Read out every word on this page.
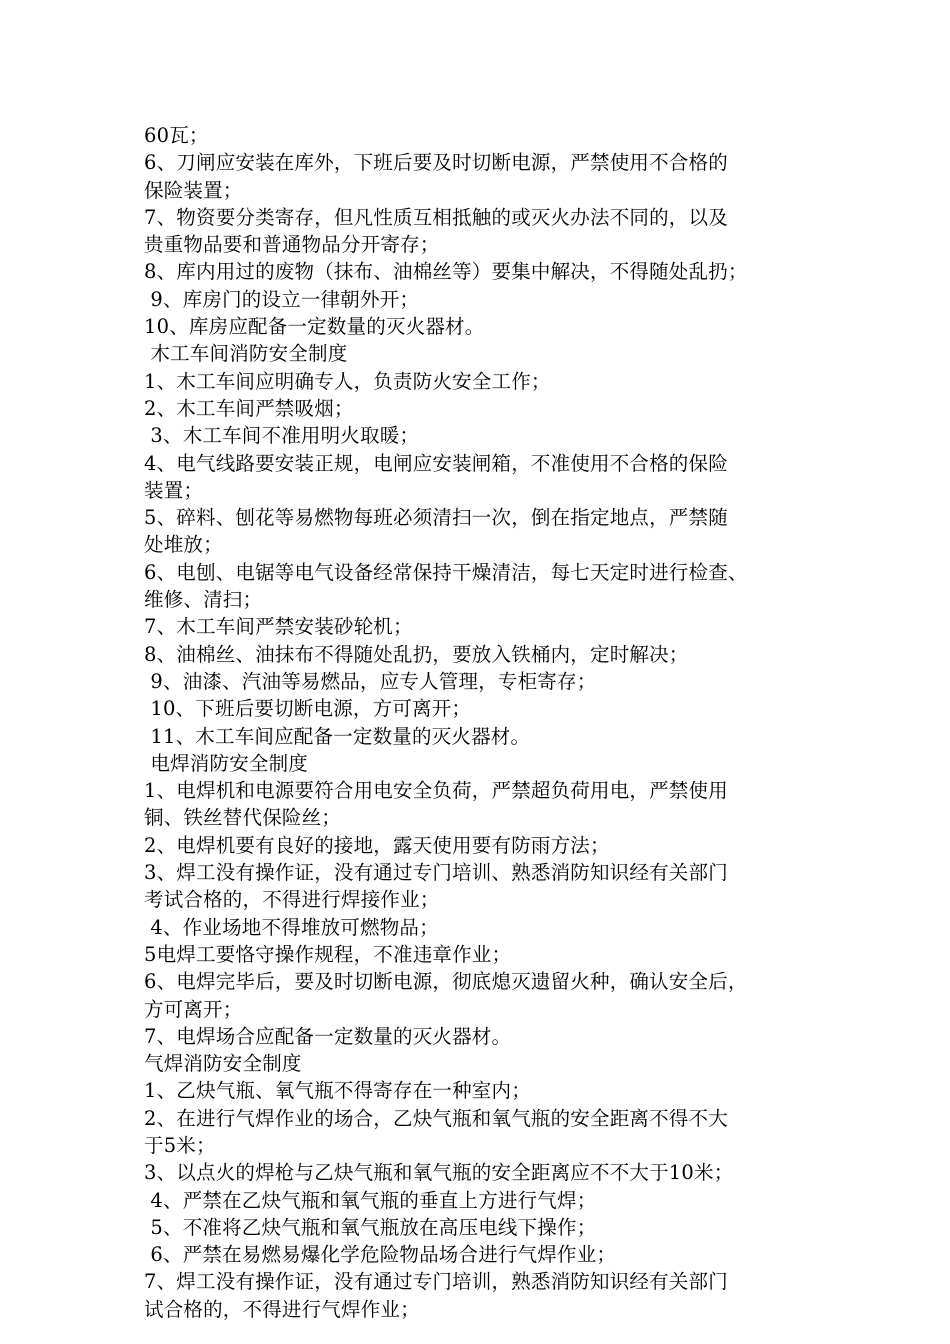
60瓦；
6、刀闸应安装在库外，下班后要及时切断电源，严禁使用不合格的
保险装置；
7、物资要分类寄存，但凡性质互相抵触的或灭火办法不同的，以及
贵重物品要和普通物品分开寄存；
8、库内用过的废物（抹布、油棉丝等）要集中解决，不得随处乱扔；
9、库房门的设立一律朝外开；
10、库房应配备一定数量的灭火器材。
木工车间消防安全制度
1、木工车间应明确专人，负责防火安全工作；
2、木工车间严禁吸烟；
3、木工车间不准用明火取暖；
4、电气线路要安装正规，电闸应安装闸箱，不准使用不合格的保险
装置；
5、碎料、刨花等易燃物每班必须清扫一次，倒在指定地点，严禁随
处堆放；
6、电刨、电锯等电气设备经常保持干燥清洁，每七天定时进行检查、
维修、清扫；
7、木工车间严禁安装砂轮机；
8、油棉丝、油抹布不得随处乱扔，要放入铁桶内，定时解决；
9、油漆、汽油等易燃品，应专人管理，专柜寄存；
10、下班后要切断电源，方可离开；
11、木工车间应配备一定数量的灭火器材。
电焊消防安全制度
1、电焊机和电源要符合用电安全负荷，严禁超负荷用电，严禁使用
铜、铁丝替代保险丝；
2、电焊机要有良好的接地，露天使用要有防雨方法；
3、焊工没有操作证，没有通过专门培训、熟悉消防知识经有关部门
考试合格的，不得进行焊接作业；
4、作业场地不得堆放可燃物品；
5电焊工要恪守操作规程，不准违章作业；
6、电焊完毕后，要及时切断电源，彻底熄灭遗留火种，确认安全后，
方可离开；
7、电焊场合应配备一定数量的灭火器材。
气焊消防安全制度
1、乙炔气瓶、氧气瓶不得寄存在一种室内；
2、在进行气焊作业的场合，乙炔气瓶和氧气瓶的安全距离不得不大
于5米；
3、以点火的焊枪与乙炔气瓶和氧气瓶的安全距离应不不大于10米；
4、严禁在乙炔气瓶和氧气瓶的垂直上方进行气焊；
5、不准将乙炔气瓶和氧气瓶放在高压电线下操作；
6、严禁在易燃易爆化学危险物品场合进行气焊作业；
7、焊工没有操作证，没有通过专门培训，熟悉消防知识经有关部门
试合格的，不得进行气焊作业；
